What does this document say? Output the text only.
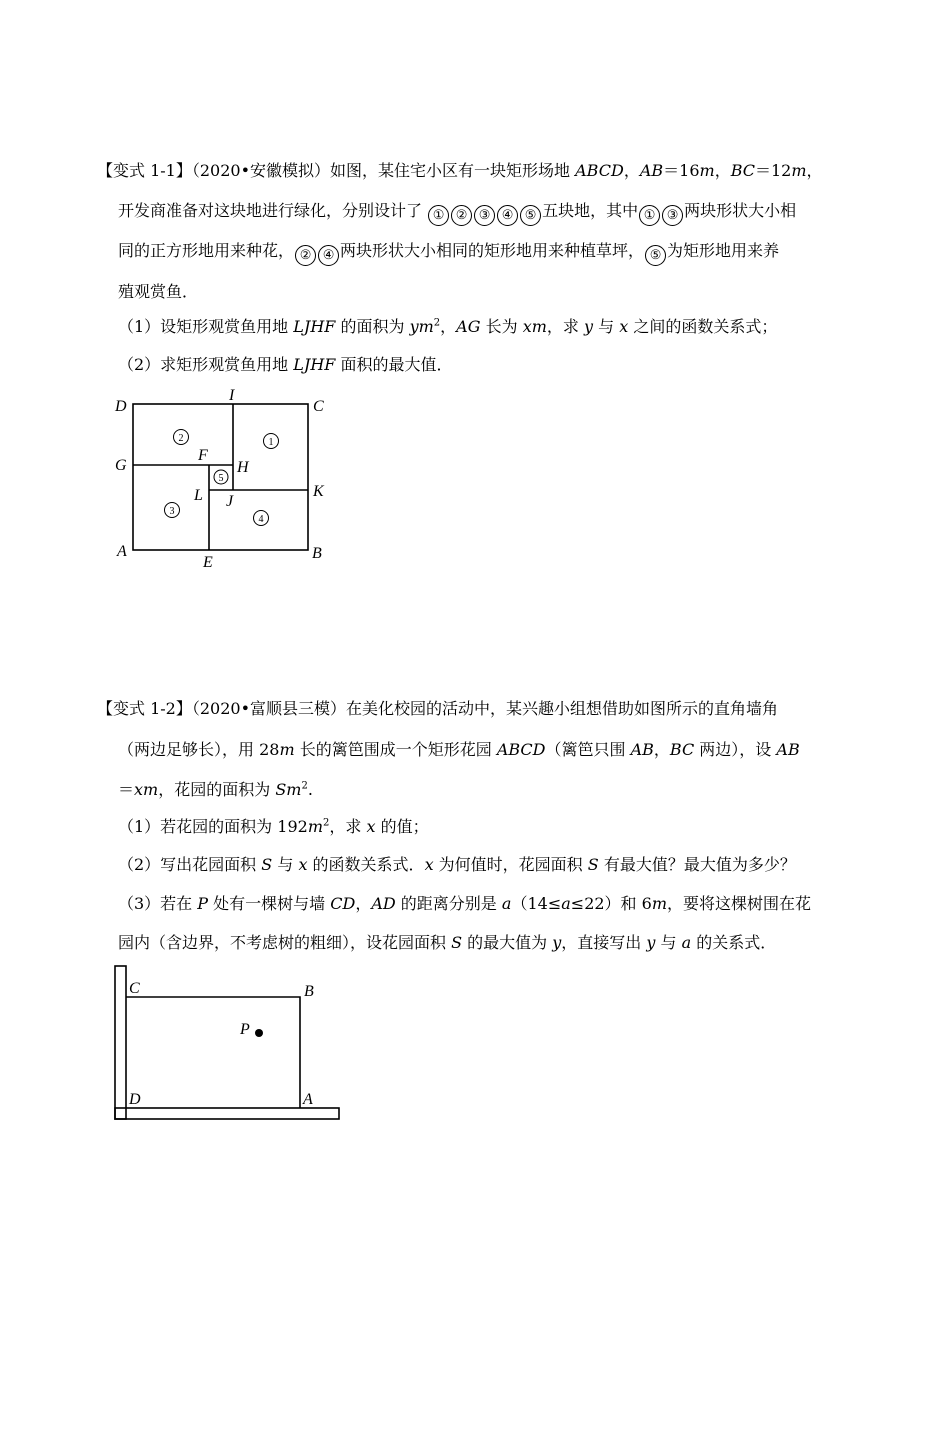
【变式 1-1】（2020•安徽模拟）如图，某住宅小区有一块矩形场地 ABCD，AB＝16m，BC＝12m，
开发商准备对这块地进行绿化，分别设计了 ① ② ③ ④ ⑤ 五块地，其中 ① ③ 两块形状大小相
同的正方形地用来种花， ② ④ 两块形状大小相同的矩形地用来种植草坪， ⑤ 为矩形地用来养
殖观赏鱼．
（1）设矩形观赏鱼用地 LJHF 的面积为 $ym^2$，AG 长为 xm，求 y 与 x 之间的函数关系式；
（2）求矩形观赏鱼用地 LJHF 面积的最大值．
D	C
I
G
F
H
K
L J
A
E
B
2	1
3
4
5
【变式 1-2】（2020•富顺县三模）在美化校园的活动中，某兴趣小组想借助如图所示的直角墙角
（两边足够长），用 28m 长的篱笆围成一个矩形花园 ABCD（篱笆只围 AB，BC 两边），设 AB
＝xm，花园的面积为 Sm$^2$.
（1）若花园的面积为 $192m^2$，求 x 的值；
（2）写出花园面积 S 与 x 的函数关系式．x 为何值时，花园面积 S 有最大值？最大值为多少？
（3）若在 P 处有一棵树与墙 CD，AD 的距离分别是 a（14≤a≤22）和 6m，要将这棵树围在花
园内（含边界，不考虑树的粗细），设花园面积 S 的最大值为 y，直接写出 y 与 a 的关系式．
C	B
P
D	A
